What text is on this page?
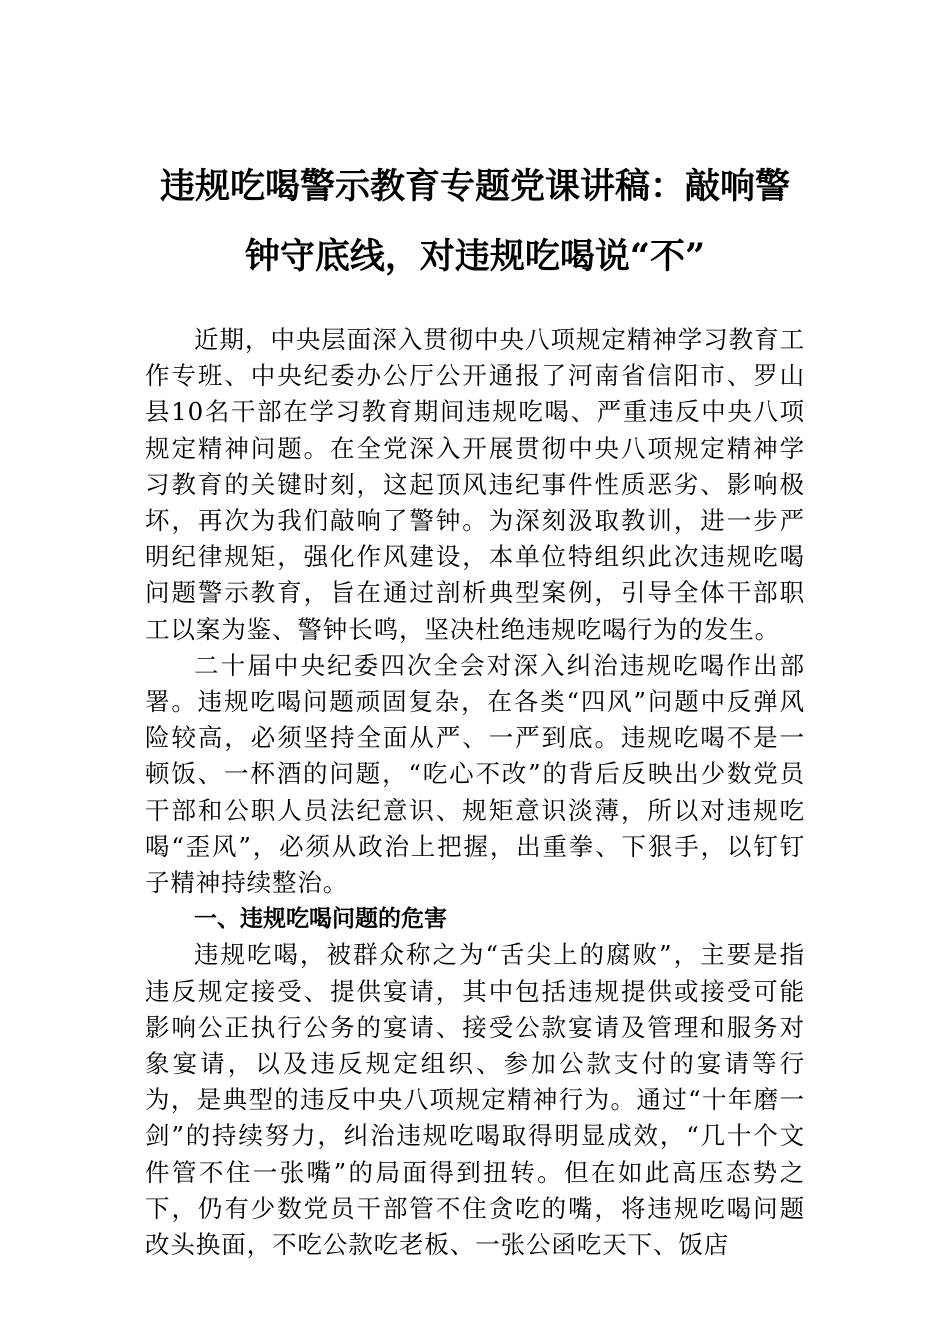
违规吃喝警示教育专题党课讲稿：敲响警
钟守底线，对违规吃喝说“不”

近期，中央层面深入贯彻中央八项规定精神学习教育工作专班、中央纪委办公厅公开通报了河南省信阳市、罗山县10名干部在学习教育期间违规吃喝、严重违反中央八项规定精神问题。在全党深入开展贯彻中央八项规定精神学习教育的关键时刻，这起顶风违纪事件性质恶劣、影响极坏，再次为我们敲响了警钟。为深刻汲取教训，进一步严明纪律规矩，强化作风建设，本单位特组织此次违规吃喝问题警示教育，旨在通过剖析典型案例，引导全体干部职工以案为鉴、警钟长鸣，坚决杜绝违规吃喝行为的发生。

二十届中央纪委四次全会对深入纠治违规吃喝作出部署。违规吃喝问题顽固复杂，在各类“四风”问题中反弹风险较高，必须坚持全面从严、一严到底。违规吃喝不是一顿饭、一杯酒的问题，“吃心不改”的背后反映出少数党员干部和公职人员法纪意识、规矩意识淡薄，所以对违规吃喝“歪风”，必须从政治上把握，出重拳、下狠手，以钉钉子精神持续整治。

一、违规吃喝问题的危害

违规吃喝，被群众称之为“舌尖上的腐败”，主要是指违反规定接受、提供宴请，其中包括违规提供或接受可能影响公正执行公务的宴请、接受公款宴请及管理和服务对象宴请，以及违反规定组织、参加公款支付的宴请等行为，是典型的违反中央八项规定精神行为。通过“十年磨一剑”的持续努力，纠治违规吃喝取得明显成效，“几十个文件管不住一张嘴”的局面得到扭转。但在如此高压态势之下，仍有少数党员干部管不住贪吃的嘴，将违规吃喝问题改头换面，不吃公款吃老板、一张公函吃天下、饭店
